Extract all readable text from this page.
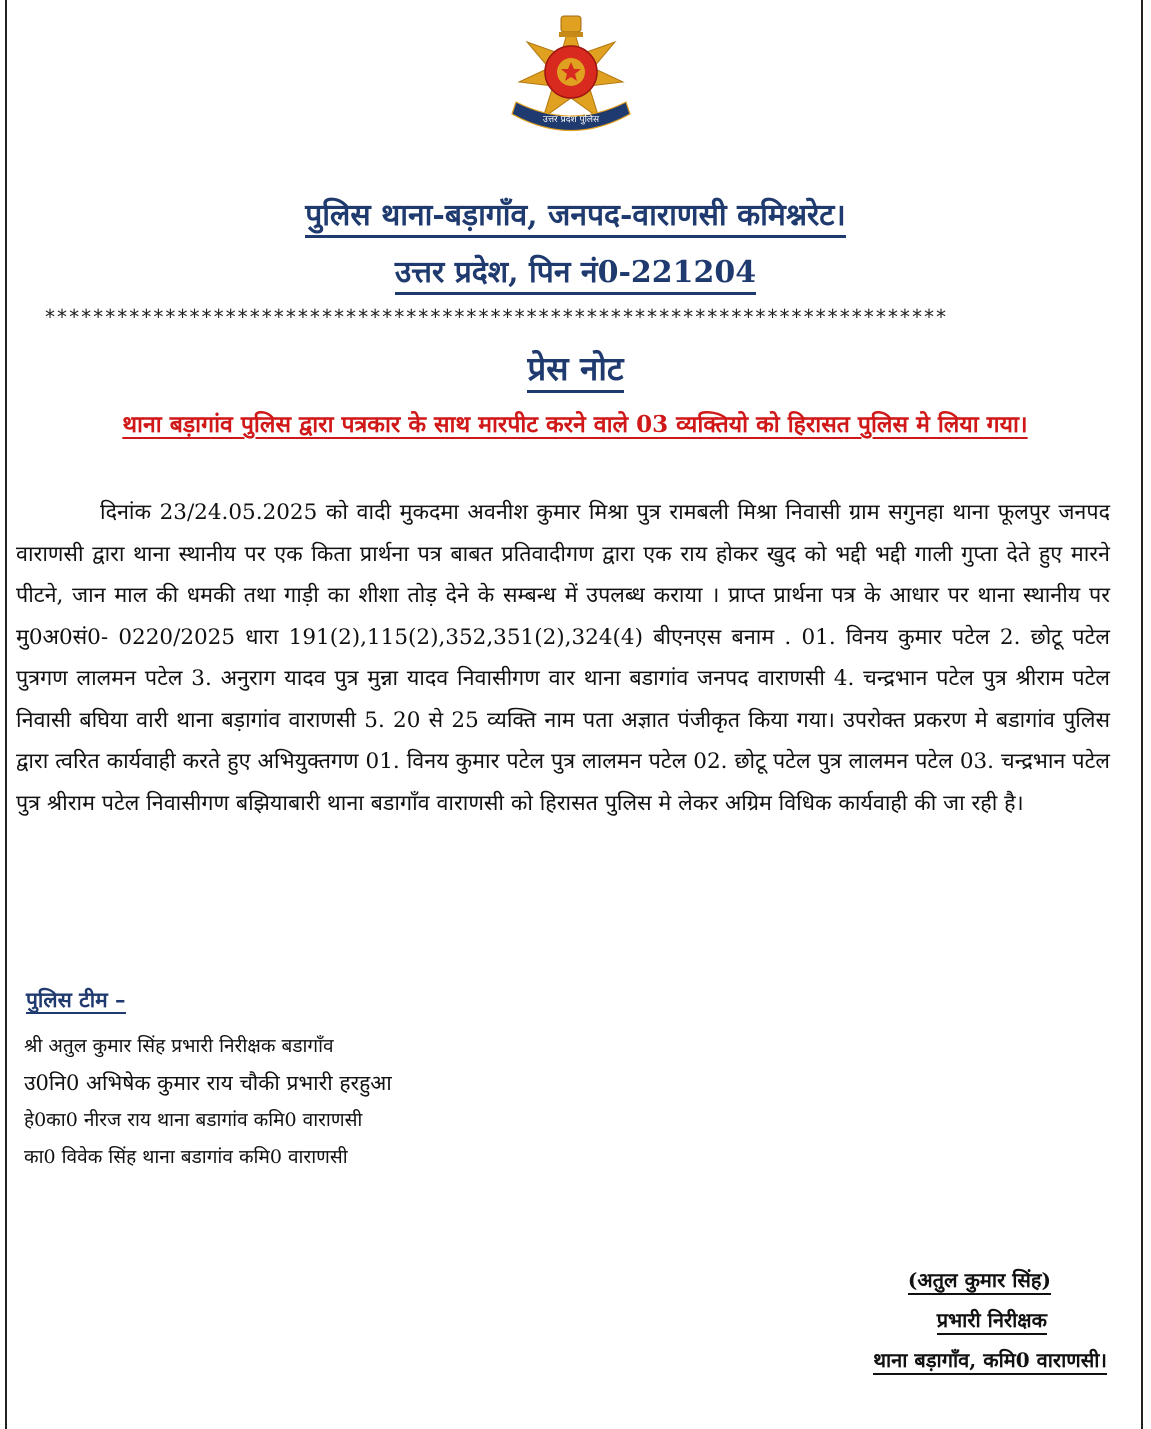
उत्तर प्रदेश पुलिस
पुलिस थाना-बड़ागाँव, जनपद-वाराणसी कमिश्नरेट।
उत्तर प्रदेश, पिन नं0-221204
***************************************************************************
प्रेस नोट
थाना बड़ागांव पुलिस द्वारा पत्रकार के साथ मारपीट करने वाले 03 व्यक्तियो को हिरासत पुलिस मे लिया गया।

दिनांक 23/24.05.2025 को वादी मुकदमा अवनीश कुमार मिश्रा पुत्र रामबली मिश्रा निवासी ग्राम सगुनहा थाना फूलपुर जनपद वाराणसी द्वारा थाना स्थानीय पर एक किता प्रार्थना पत्र बाबत प्रतिवादीगण द्वारा एक राय होकर खुद को भद्दी भद्दी गाली गुप्ता देते हुए मारने पीटने, जान माल की धमकी तथा गाड़ी का शीशा तोड़ देने के सम्बन्ध में उपलब्ध कराया । प्राप्त प्रार्थना पत्र के आधार पर थाना स्थानीय पर मु0अ0सं0- 0220/2025 धारा 191(2),115(2),352,351(2),324(4) बीएनएस बनाम . 01. विनय कुमार पटेल 2. छोटू पटेल पुत्रगण लालमन पटेल 3. अनुराग यादव पुत्र मुन्ना यादव निवासीगण वार थाना बडागांव जनपद वाराणसी 4. चन्द्रभान पटेल पुत्र श्रीराम पटेल निवासी बघिया वारी थाना बड़ागांव वाराणसी 5. 20 से 25 व्यक्ति नाम पता अज्ञात पंजीकृत किया गया। उपरोक्त प्रकरण मे बडागांव पुलिस द्वारा त्वरित कार्यवाही करते हुए अभियुक्तगण 01. विनय कुमार पटेल पुत्र लालमन पटेल 02. छोटू पटेल पुत्र लालमन पटेल 03. चन्द्रभान पटेल पुत्र श्रीराम पटेल निवासीगण बझियाबारी थाना बडागाँव वाराणसी को हिरासत पुलिस मे लेकर अग्रिम विधिक कार्यवाही की जा रही है।

पुलिस टीम –
श्री अतुल कुमार सिंह प्रभारी निरीक्षक बडागाँव
उ0नि0 अभिषेक कुमार राय चौकी प्रभारी हरहुआ
हे0का0 नीरज राय थाना बडागांव कमि0 वाराणसी
का0 विवेक सिंह थाना बडागांव कमि0 वाराणसी
(अतुल कुमार सिंह)
प्रभारी निरीक्षक
थाना बड़ागाँव, कमि0 वाराणसी।
